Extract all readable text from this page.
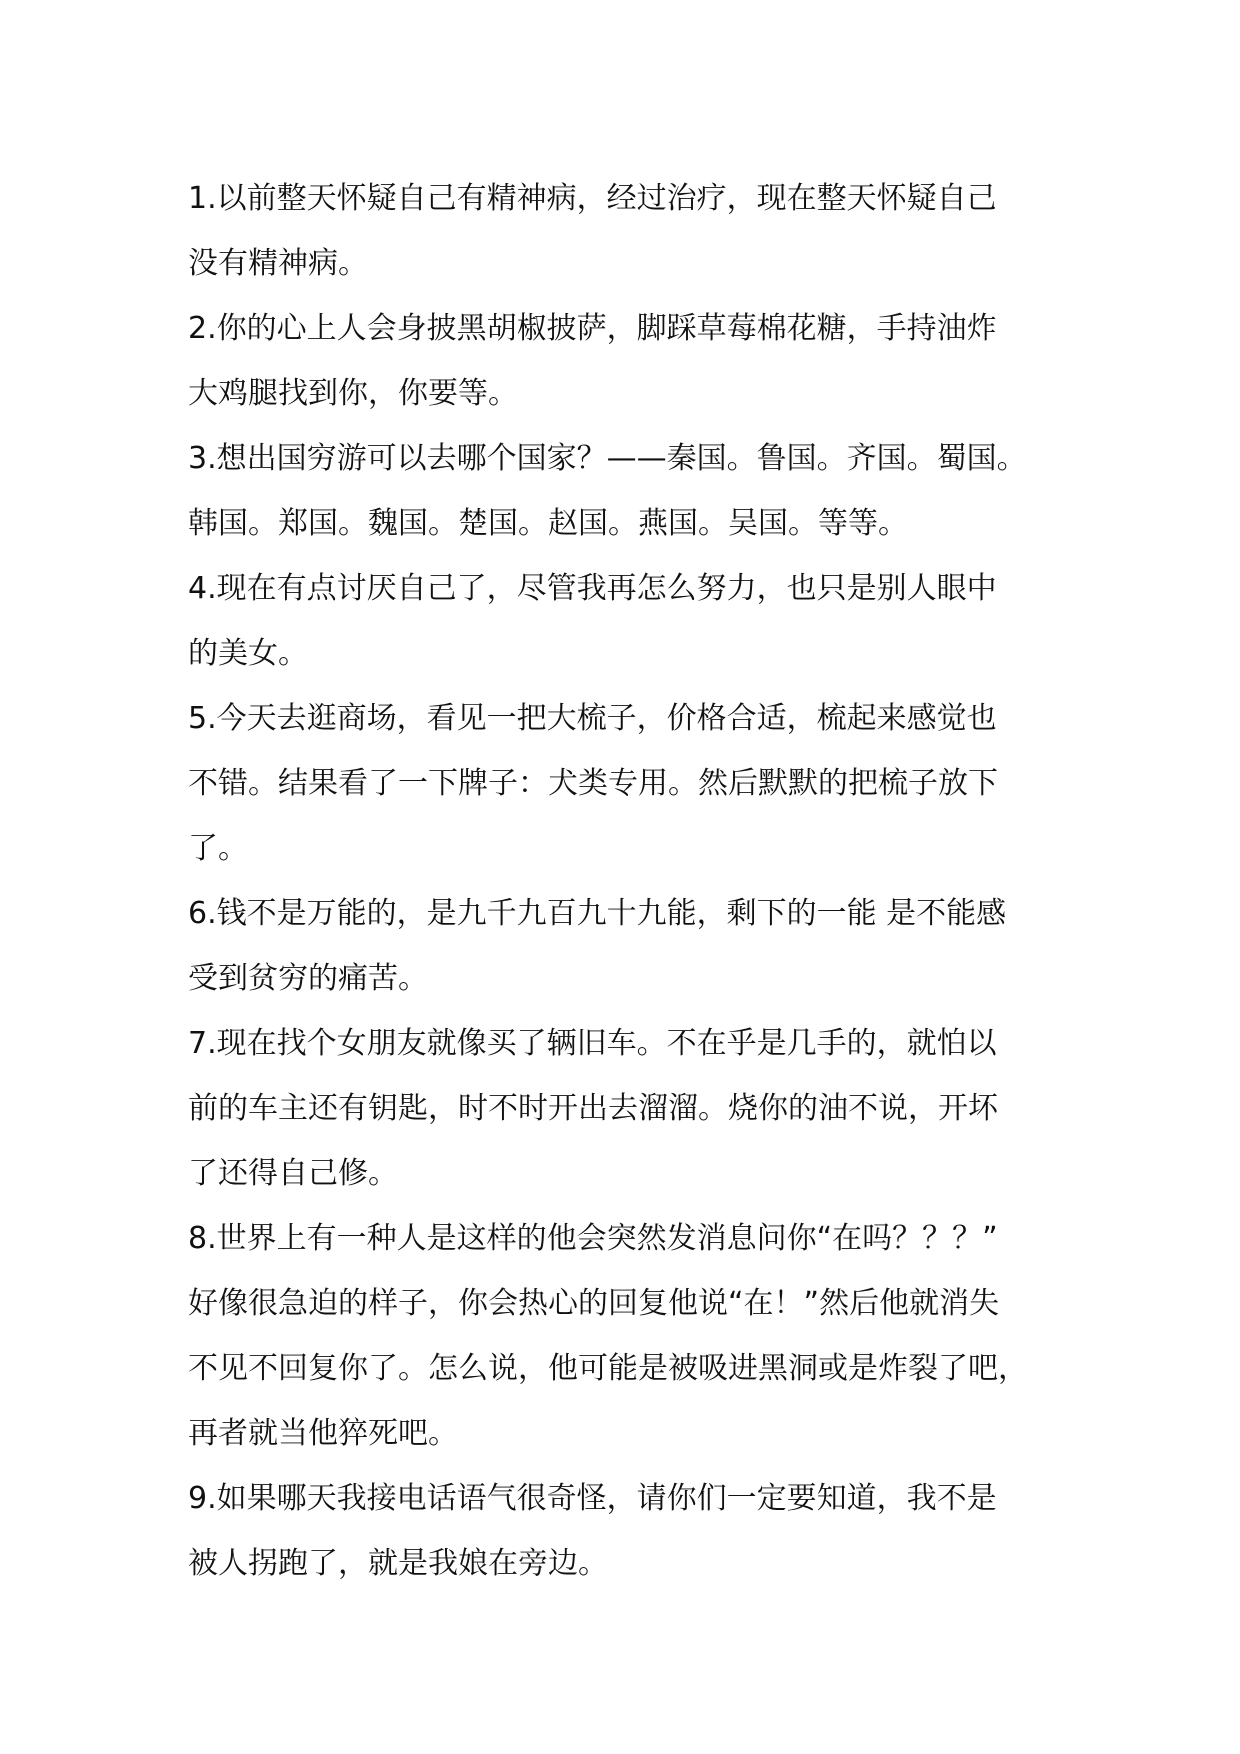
1.以前整天怀疑自己有精神病，经过治疗，现在整天怀疑自己
没有精神病。

2.你的心上人会身披黑胡椒披萨，脚踩草莓棉花糖，手持油炸
大鸡腿找到你，你要等。

3.想出国穷游可以去哪个国家？——秦国。鲁国。齐国。蜀国。
韩国。郑国。魏国。楚国。赵国。燕国。吴国。等等。

4.现在有点讨厌自己了，尽管我再怎么努力，也只是别人眼中
的美女。

5.今天去逛商场，看见一把大梳子，价格合适，梳起来感觉也
不错。结果看了一下牌子：犬类专用。然后默默的把梳子放下
了。

6.钱不是万能的，是九千九百九十九能，剩下的一能 是不能感
受到贫穷的痛苦。

7.现在找个女朋友就像买了辆旧车。不在乎是几手的，就怕以
前的车主还有钥匙，时不时开出去溜溜。烧你的油不说，开坏
了还得自己修。

8.世界上有一种人是这样的他会突然发消息问你“在吗？？？”
好像很急迫的样子，你会热心的回复他说“在！”然后他就消失
不见不回复你了。怎么说，他可能是被吸进黑洞或是炸裂了吧，
再者就当他猝死吧。

9.如果哪天我接电话语气很奇怪，请你们一定要知道，我不是
被人拐跑了，就是我娘在旁边。
